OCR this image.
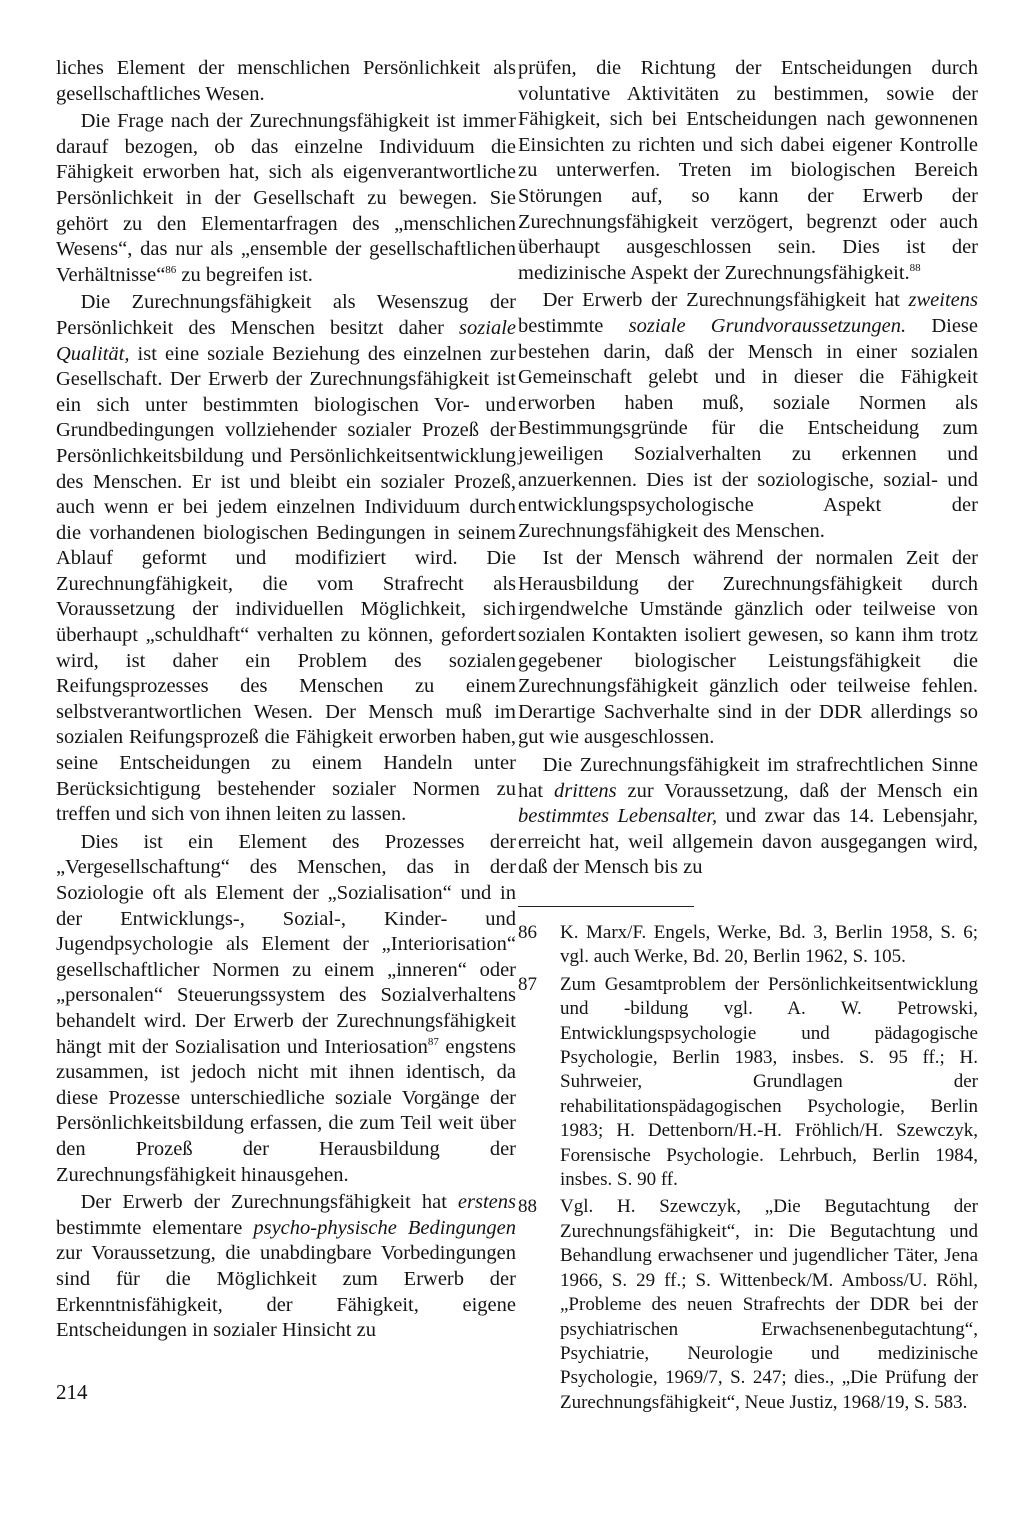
liches Element der menschlichen Persönlichkeit als gesellschaftliches Wesen.

Die Frage nach der Zurechnungsfähigkeit ist immer darauf bezogen, ob das einzelne Individuum die Fähigkeit erworben hat, sich als eigenverantwortliche Persönlichkeit in der Gesellschaft zu bewegen. Sie gehört zu den Elementarfragen des „menschlichen Wesens“, das nur als „ensemble der gesellschaftlichen Verhältnisse“$^{86}$ zu begreifen ist.

Die Zurechnungsfähigkeit als Wesenszug der Persönlichkeit des Menschen besitzt daher soziale Qualität, ist eine soziale Beziehung des einzelnen zur Gesellschaft. Der Erwerb der Zurechnungsfähigkeit ist ein sich unter bestimmten biologischen Vor- und Grundbedingungen vollziehender sozialer Prozeß der Persönlichkeitsbildung und Persönlichkeitsentwicklung des Menschen. Er ist und bleibt ein sozialer Prozeß, auch wenn er bei jedem einzelnen Individuum durch die vorhandenen biologischen Bedingungen in seinem Ablauf geformt und modifiziert wird. Die Zurechnungfähigkeit, die vom Strafrecht als Voraussetzung der individuellen Möglichkeit, sich überhaupt „schuldhaft“ verhalten zu können, gefordert wird, ist daher ein Problem des sozialen Reifungsprozesses des Menschen zu einem selbstverantwortlichen Wesen. Der Mensch muß im sozialen Reifungsprozeß die Fähigkeit erworben haben, seine Entscheidungen zu einem Handeln unter Berücksichtigung bestehender sozialer Normen zu treffen und sich von ihnen leiten zu lassen.

Dies ist ein Element des Prozesses der „Vergesellschaftung“ des Menschen, das in der Soziologie oft als Element der „Sozialisation“ und in der Entwicklungs-, Sozial-, Kinder- und Jugendpsychologie als Element der „Interiorisation“ gesellschaftlicher Normen zu einem „inneren“ oder „personalen“ Steuerungssystem des Sozialverhaltens behandelt wird. Der Erwerb der Zurechnungsfähigkeit hängt mit der Sozialisation und Interiosation$^{87}$ engstens zusammen, ist jedoch nicht mit ihnen identisch, da diese Prozesse unterschiedliche soziale Vorgänge der Persönlichkeitsbildung erfassen, die zum Teil weit über den Prozeß der Herausbildung der Zurechnungsfähigkeit hinausgehen.

Der Erwerb der Zurechnungsfähigkeit hat erstens bestimmte elementare psycho-physische Bedingungen zur Voraussetzung, die unabdingbare Vorbedingungen sind für die Möglichkeit zum Erwerb der Erkenntnisfähigkeit, der Fähigkeit, eigene Entscheidungen in sozialer Hinsicht zu

prüfen, die Richtung der Entscheidungen durch voluntative Aktivitäten zu bestimmen, sowie der Fähigkeit, sich bei Entscheidungen nach gewonnenen Einsichten zu richten und sich dabei eigener Kontrolle zu unterwerfen. Treten im biologischen Bereich Störungen auf, so kann der Erwerb der Zurechnungsfähigkeit verzögert, begrenzt oder auch überhaupt ausgeschlossen sein. Dies ist der medizinische Aspekt der Zurechnungsfähigkeit.$^{88}$

Der Erwerb der Zurechnungsfähigkeit hat zweitens bestimmte soziale Grundvoraussetzungen. Diese bestehen darin, daß der Mensch in einer sozialen Gemeinschaft gelebt und in dieser die Fähigkeit erworben haben muß, soziale Normen als Bestimmungsgründe für die Entscheidung zum jeweiligen Sozialverhalten zu erkennen und anzuerkennen. Dies ist der soziologische, sozial- und entwicklungspsychologische Aspekt der Zurechnungsfähigkeit des Menschen.

Ist der Mensch während der normalen Zeit der Herausbildung der Zurechnungsfähigkeit durch irgendwelche Umstände gänzlich oder teilweise von sozialen Kontakten isoliert gewesen, so kann ihm trotz gegebener biologischer Leistungsfähigkeit die Zurechnungsfähigkeit gänzlich oder teilweise fehlen. Derartige Sachverhalte sind in der DDR allerdings so gut wie ausgeschlossen.

Die Zurechnungsfähigkeit im strafrechtlichen Sinne hat drittens zur Voraussetzung, daß der Mensch ein bestimmtes Lebensalter, und zwar das 14. Lebensjahr, erreicht hat, weil allgemein davon ausgegangen wird, daß der Mensch bis zu

86 K. Marx/F. Engels, Werke, Bd. 3, Berlin 1958, S. 6; vgl. auch Werke, Bd. 20, Berlin 1962, S. 105.
87 Zum Gesamtproblem der Persönlichkeitsentwicklung und -bildung vgl. A. W. Petrowski, Entwicklungspsychologie und pädagogische Psychologie, Berlin 1983, insbes. S. 95 ff.; H. Suhrweier, Grundlagen der rehabilitationspädagogischen Psychologie, Berlin 1983; H. Dettenborn/H.-H. Fröhlich/H. Szewczyk, Forensische Psychologie. Lehrbuch, Berlin 1984, insbes. S. 90 ff.
88 Vgl. H. Szewczyk, „Die Begutachtung der Zurechnungsfähigkeit“, in: Die Begutachtung und Behandlung erwachsener und jugendlicher Täter, Jena 1966, S. 29 ff.; S. Wittenbeck/M. Amboss/U. Röhl, „Probleme des neuen Strafrechts der DDR bei der psychiatrischen Erwachsenenbegutachtung“, Psychiatrie, Neurologie und medizinische Psychologie, 1969/7, S. 247; dies., „Die Prüfung der Zurechnungsfähigkeit“, Neue Justiz, 1968/19, S. 583.
214
